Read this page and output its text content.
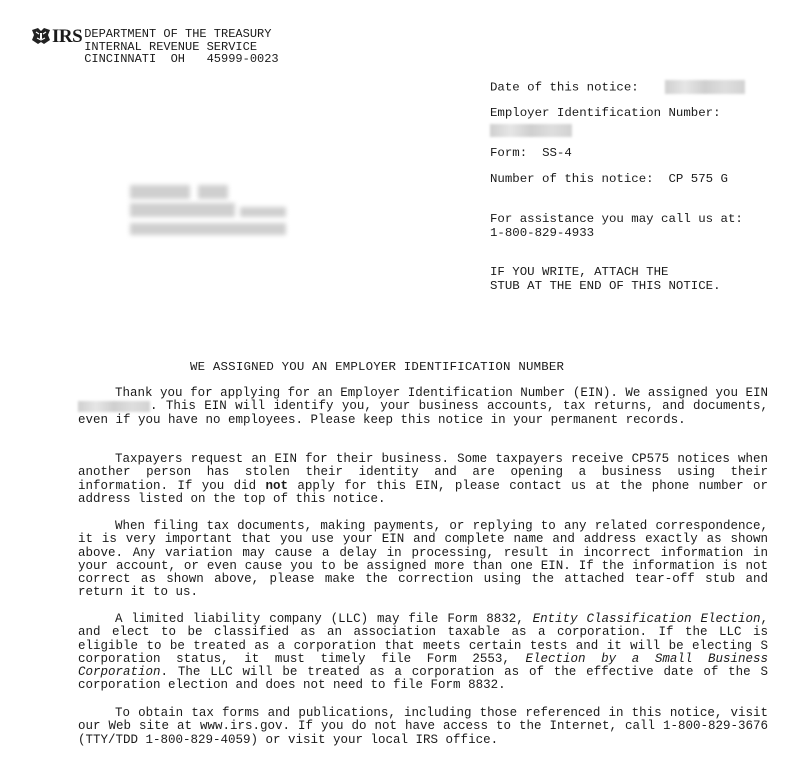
IRS DEPARTMENT OF THE TREASURY
INTERNAL REVENUE SERVICE
CINCINNATI  OH   45999-0023
Date of this notice:
Employer Identification Number:
Form: SS-4
Number of this notice: CP 575 G
For assistance you may call us at:
1-800-829-4933
IF YOU WRITE, ATTACH THE
STUB AT THE END OF THIS NOTICE.
WE ASSIGNED YOU AN EMPLOYER IDENTIFICATION NUMBER
Thank you for applying for an Employer Identification Number (EIN). We assigned you EIN . This EIN will identify you, your business accounts, tax returns, and documents, even if you have no employees. Please keep this notice in your permanent records.
Taxpayers request an EIN for their business. Some taxpayers receive CP575 notices when another person has stolen their identity and are opening a business using their information. If you did not apply for this EIN, please contact us at the phone number or address listed on the top of this notice.
When filing tax documents, making payments, or replying to any related correspondence, it is very important that you use your EIN and complete name and address exactly as shown above. Any variation may cause a delay in processing, result in incorrect information in your account, or even cause you to be assigned more than one EIN. If the information is not correct as shown above, please make the correction using the attached tear-off stub and return it to us.
A limited liability company (LLC) may file Form 8832, Entity Classification Election, and elect to be classified as an association taxable as a corporation. If the LLC is eligible to be treated as a corporation that meets certain tests and it will be electing S corporation status, it must timely file Form 2553, Election by a Small Business Corporation. The LLC will be treated as a corporation as of the effective date of the S corporation election and does not need to file Form 8832.
To obtain tax forms and publications, including those referenced in this notice, visit our Web site at www.irs.gov. If you do not have access to the Internet, call 1-800-829-3676 (TTY/TDD 1-800-829-4059) or visit your local IRS office.
